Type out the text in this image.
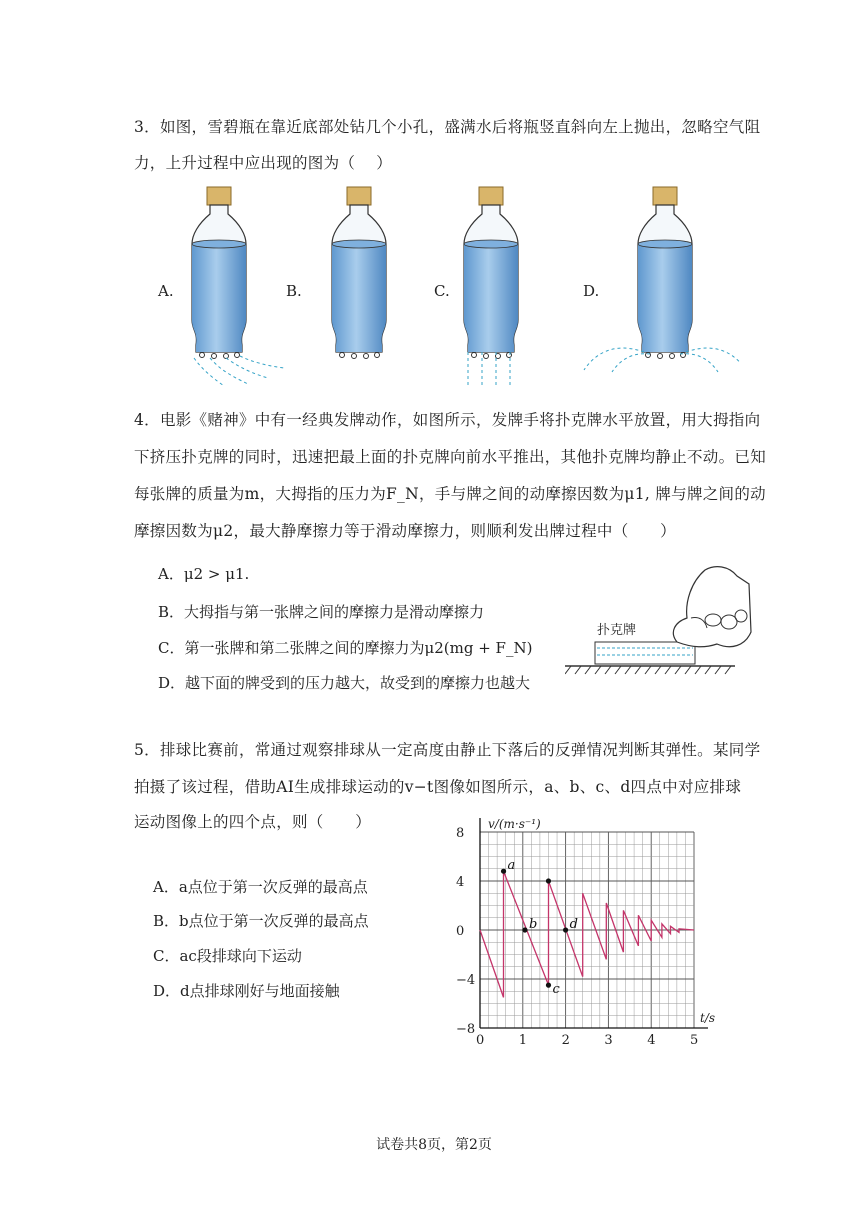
3．如图，雪碧瓶在靠近底部处钻几个小孔，盛满水后将瓶竖直斜向左上抛出，忽略空气阻
力，上升过程中应出现的图为（　 ）
A.	B.	C.	D.
4．电影《赌神》中有一经典发牌动作，如图所示，发牌手将扑克牌水平放置，用大拇指向
下挤压扑克牌的同时，迅速把最上面的扑克牌向前水平推出，其他扑克牌均静止不动。已知
每张牌的质量为m，大拇指的压力为F_N，手与牌之间的动摩擦因数为μ1, 牌与牌之间的动
摩擦因数为μ2，最大静摩擦力等于滑动摩擦力，则顺利发出牌过程中（　　）
A．μ2 > μ1.
B．大拇指与第一张牌之间的摩擦力是滑动摩擦力
C．第一张牌和第二张牌之间的摩擦力为μ2(mg + F_N)
D．越下面的牌受到的压力越大，故受到的摩擦力也越大
扑克牌
5．排球比赛前，常通过观察排球从一定高度由静止下落后的反弹情况判断其弹性。某同学
拍摄了该过程，借助AI生成排球运动的v−t图像如图所示，a、b、c、d四点中对应排球
运动图像上的四个点，则（　　）
A．a点位于第一次反弹的最高点
B．b点位于第一次反弹的最高点
C．ac段排球向下运动
D．d点排球刚好与地面接触
0	1	2	3	4	5
8
4
0
−4
−8
v/(m·s⁻¹)
t/s
a
b
c
d
试卷共8页，第2页
